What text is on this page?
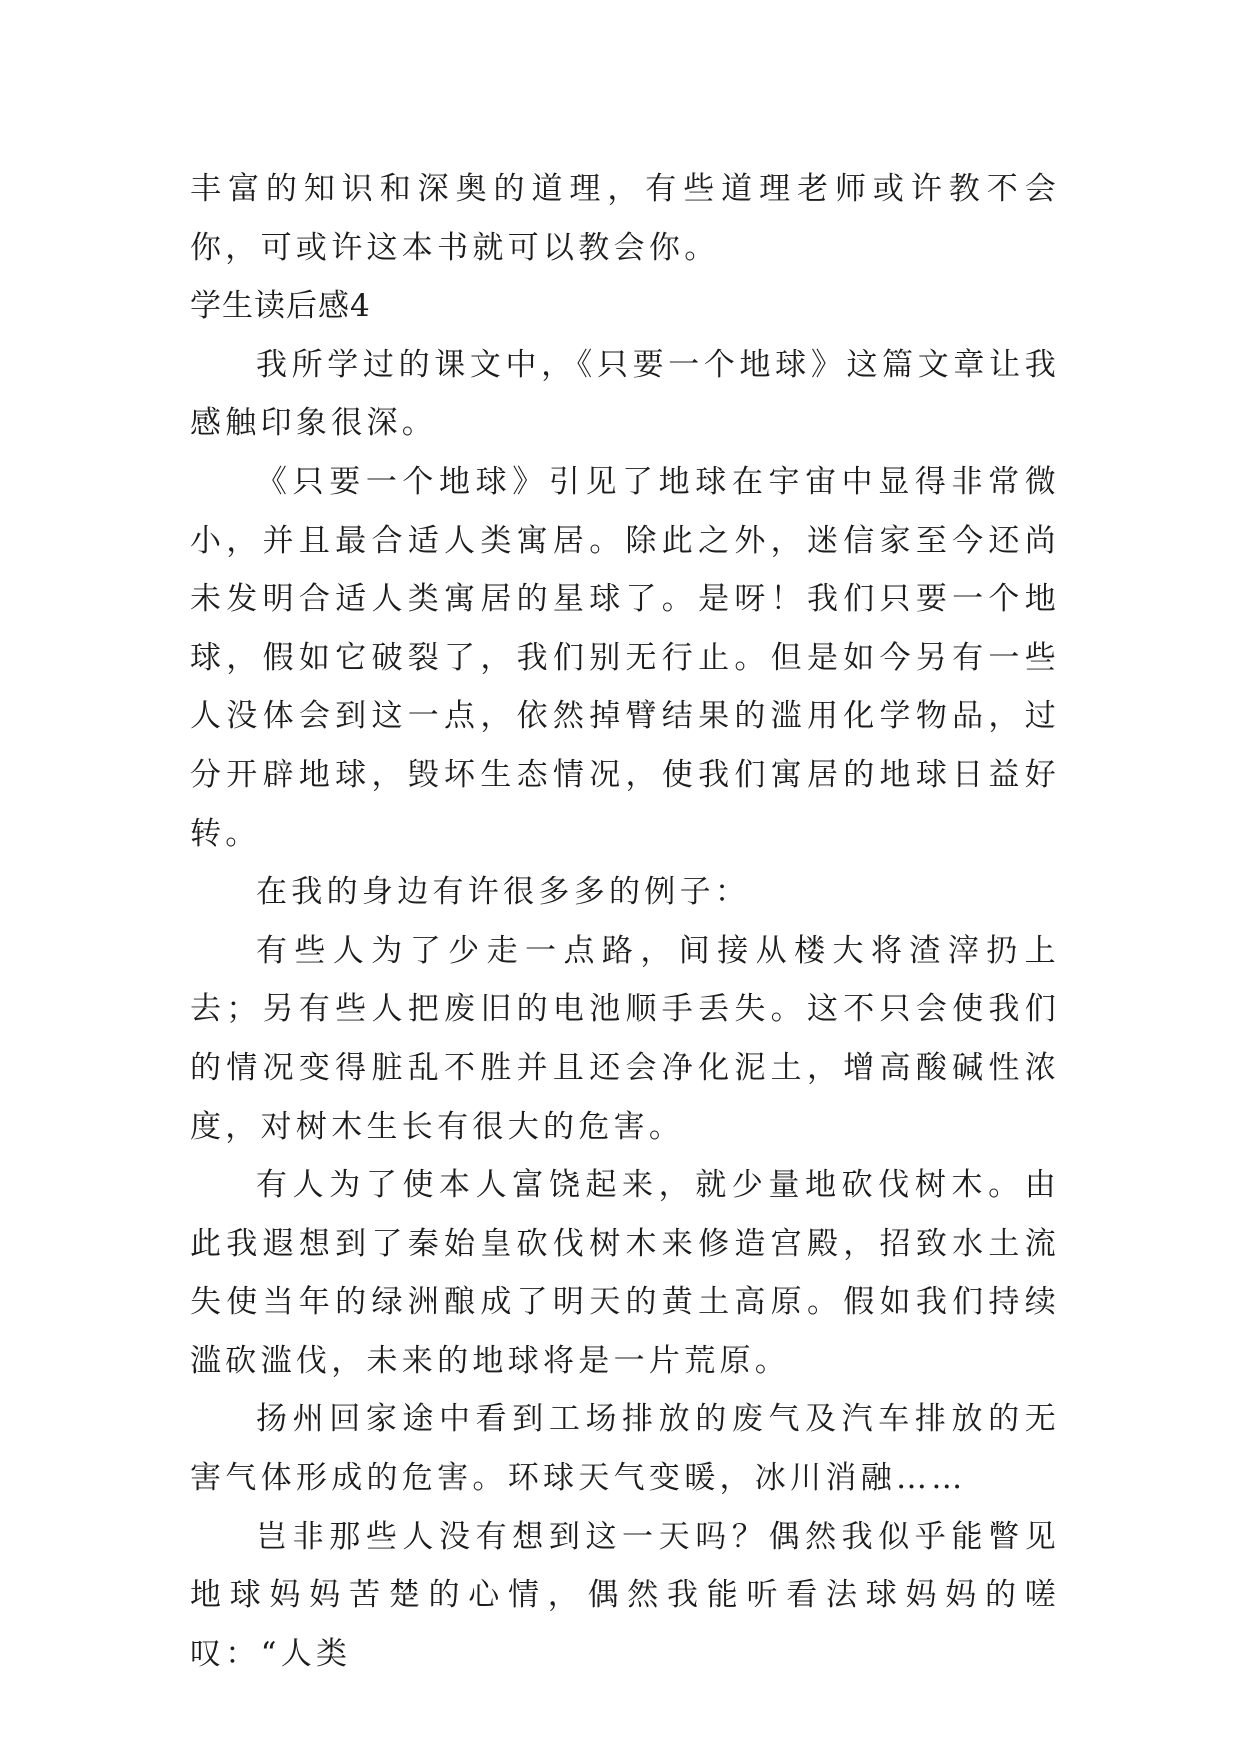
丰富的知识和深奥的道理，有些道理老师或许教不会你，可或许这本书就可以教会你。

学生读后感4

我所学过的课文中，《只要一个地球》这篇文章让我感触印象很深。

《只要一个地球》引见了地球在宇宙中显得非常微小，并且最合适人类寓居。除此之外，迷信家至今还尚未发明合适人类寓居的星球了。是呀！我们只要一个地球，假如它破裂了，我们别无行止。但是如今另有一些人没体会到这一点，依然掉臂结果的滥用化学物品，过分开辟地球，毁坏生态情况，使我们寓居的地球日益好转。

在我的身边有许很多多的例子：

有些人为了少走一点路，间接从楼大将渣滓扔上去；另有些人把废旧的电池顺手丢失。这不只会使我们的情况变得脏乱不胜并且还会净化泥土，增高酸碱性浓度，对树木生长有很大的危害。

有人为了使本人富饶起来，就少量地砍伐树木。由此我遐想到了秦始皇砍伐树木来修造宫殿，招致水土流失使当年的绿洲酿成了明天的黄土高原。假如我们持续滥砍滥伐，未来的地球将是一片荒原。

扬州回家途中看到工场排放的废气及汽车排放的无害气体形成的危害。环球天气变暖，冰川消融……

岂非那些人没有想到这一天吗？偶然我似乎能瞥见地球妈妈苦楚的心情，偶然我能听看法球妈妈的嗟叹：“人类
